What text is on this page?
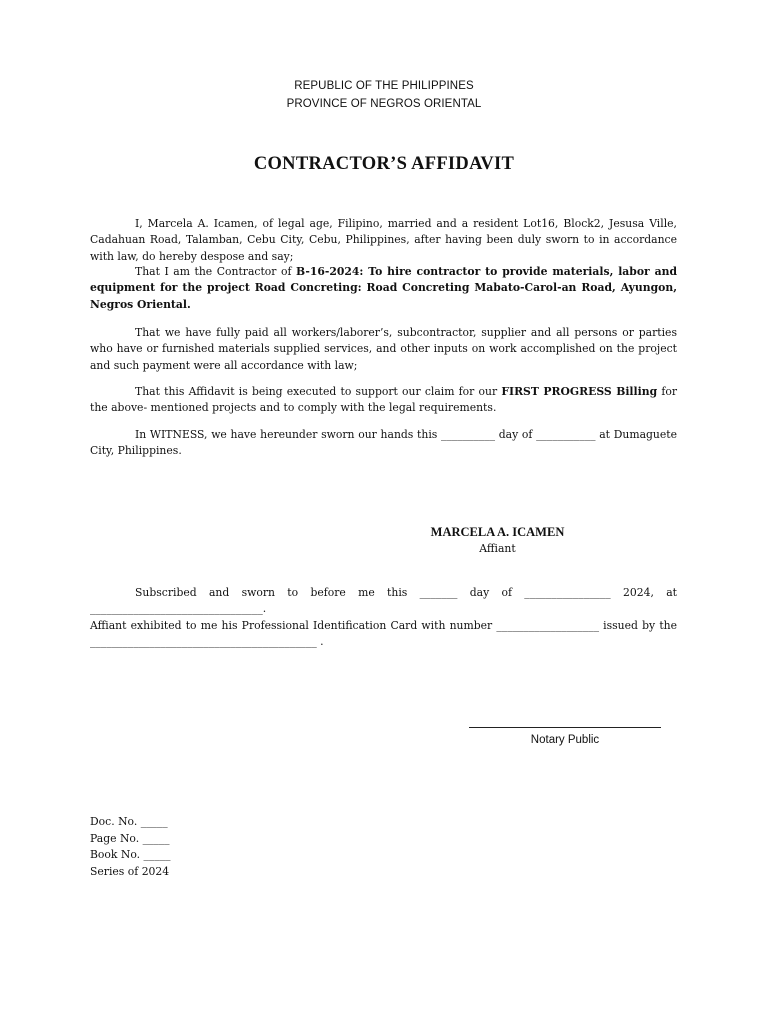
REPUBLIC OF THE PHILIPPINES
PROVINCE OF NEGROS ORIENTAL
CONTRACTOR’S AFFIDAVIT
I, Marcela A. Icamen, of legal age, Filipino, married and a resident Lot16, Block2, Jesusa Ville, Cadahuan Road, Talamban, Cebu City, Cebu, Philippines, after having been duly sworn to in accordance with law, do hereby despose and say;
That I am the Contractor of B-16-2024: To hire contractor to provide materials, labor and equipment for the project Road Concreting: Road Concreting Mabato-Carol-an Road, Ayungon, Negros Oriental.
That we have fully paid all workers/laborer’s, subcontractor, supplier and all persons or parties who have or furnished materials supplied services, and other inputs on work accomplished on the project and such payment were all accordance with law;
That this Affidavit is being executed to support our claim for our FIRST PROGRESS Billing for the above- mentioned projects and to comply with the legal requirements.
In WITNESS, we have hereunder sworn our hands this __________ day of ___________ at Dumaguete City, Philippines.
MARCELA A. ICAMEN
Affiant
Subscribed and sworn to before me this _______ day of ________________ 2024, at ________________________________.
Affiant exhibited to me his Professional Identification Card with number ___________________ issued by the __________________________________________ .
Notary Public
Doc. No. _____
Page No. _____
Book No. _____
Series of 2024
